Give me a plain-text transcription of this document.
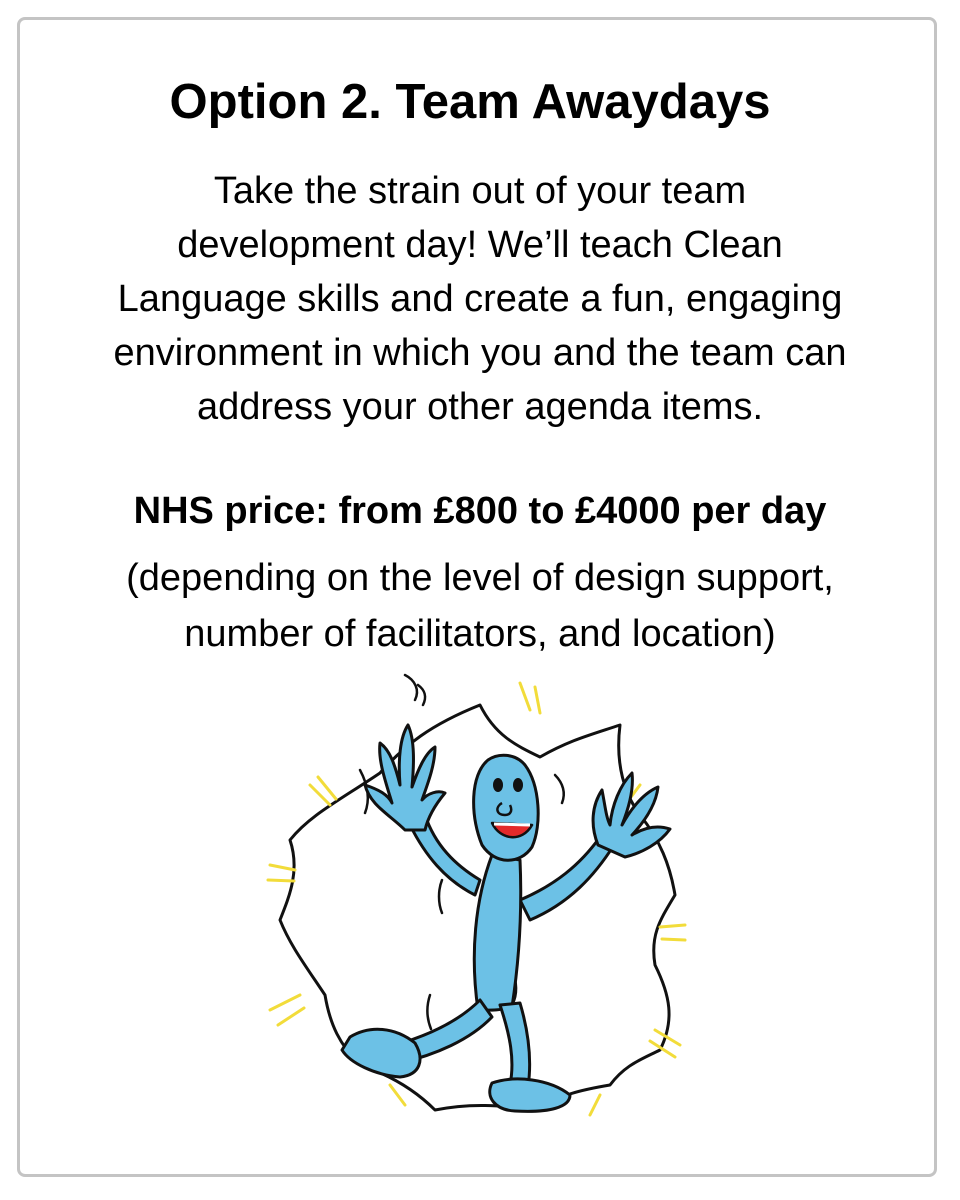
Option 2. Team Awaydays

Take the strain out of your team
development day! We’ll teach Clean
Language skills and create a fun, engaging
environment in which you and the team can
address your other agenda items.

NHS price: from £800 to £4000 per day

(depending on the level of design support,
number of facilitators, and location)
